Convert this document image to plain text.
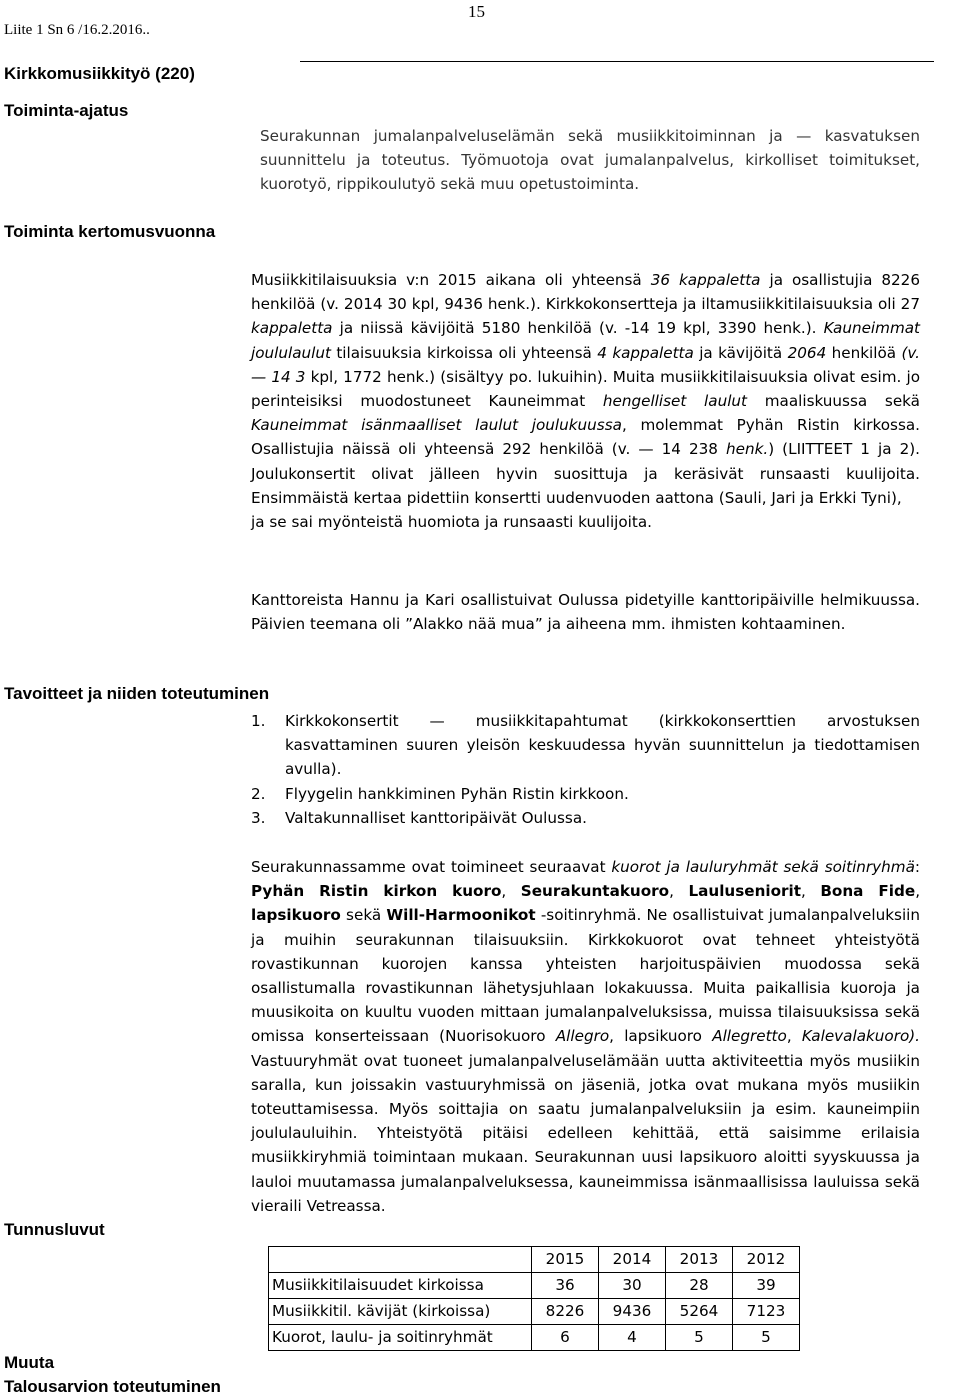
Liite 1 Sn 6 /16.2.2016..
15
Kirkkomusiikkityö (220)
Toiminta-ajatus
Toiminta kertomusvuonna
Tavoitteet ja niiden toteutuminen
Tunnusluvut
Muuta
Talousarvion toteutuminen

Seurakunnan jumalanpalveluselämän sekä musiikkitoiminnan ja — kasvatuksen

suunnittelu ja toteutus. Työmuotoja ovat jumalanpalvelus, kirkolliset toimitukset,

kuorotyö, rippikoulutyö sekä muu opetustoiminta.

Musiikkitilaisuuksia v:n 2015 aikana oli yhteensä 36 kappaletta ja osallistujia 8226 henkilöä (v. 2014 30 kpl, 9436 henk.). Kirkkokonsertteja ja iltamusiikkitilaisuuksia oli 27 kappaletta ja niissä kävijöitä 5180 henkilöä (v. -14 19 kpl, 3390 henk.). Kauneimmat joululaulut tilaisuuksia kirkoissa oli yhteensä 4 kappaletta ja kävijöitä 2064 henkilöä (v. — 14 3 kpl, 1772 henk.) (sisältyy po. lukuihin). Muita musiikkitilaisuuksia olivat esim. jo perinteisiksi muodostuneet Kauneimmat hengelliset laulut maaliskuussa sekä Kauneimmat isänmaalliset laulut joulukuussa, molemmat Pyhän Ristin kirkossa. Osallistujia näissä oli yhteensä 292 henkilöä (v. — 14 238 henk.) (LIITTEET 1 ja 2). Joulukonsertit olivat jälleen hyvin suosittuja ja keräsivät runsaasti kuulijoita. Ensimmäistä kertaa pidettiin konsertti uudenvuoden aattona (Sauli, Jari ja Erkki Tyni),

ja se sai myönteistä huomiota ja runsaasti kuulijoita.

Kanttoreista Hannu ja Kari osallistuivat Oulussa pidetyille kanttoripäiville helmikuussa. Päivien teemana oli ”Alakko nää mua” ja aiheena mm. ihmisten kohtaaminen.
1.	Kirkkokonsertit — musiikkitapahtumat (kirkkokonserttien arvostuksen kasvattaminen suuren yleisön keskuudessa hyvän suunnittelun ja tiedottamisen avulla).
2.	Flyygelin hankkiminen Pyhän Ristin kirkkoon.
3.	Valtakunnalliset kanttoripäivät Oulussa.

Seurakunnassamme ovat toimineet seuraavat kuorot ja lauluryhmät sekä soitinryhmä: Pyhän Ristin kirkon kuoro, Seurakuntakuoro, Lauluseniorit, Bona Fide, lapsikuoro sekä Will-Harmoonikot -soitinryhmä. Ne osallistuivat jumalanpalveluksiin ja muihin seurakunnan tilaisuuksiin. Kirkkokuorot ovat tehneet yhteistyötä rovastikunnan kuorojen kanssa yhteisten harjoituspäivien muodossa sekä osallistumalla rovastikunnan lähetysjuhlaan lokakuussa. Muita paikallisia kuoroja ja muusikoita on kuultu vuoden mittaan jumalanpalveluksissa, muissa tilaisuuksissa sekä omissa konserteissaan (Nuorisokuoro Allegro, lapsikuoro Allegretto, Kalevalakuoro). Vastuuryhmät ovat tuoneet jumalanpalveluselämään uutta aktiviteettia myös musiikin saralla, kun joissakin vastuuryhmissä on jäseniä, jotka ovat mukana myös musiikin toteuttamisessa. Myös soittajia on saatu jumalanpalveluksiin ja esim. kauneimpiin joululauluihin. Yhteistyötä pitäisi edelleen kehittää, että saisimme erilaisia musiikkiryhmiä toimintaan mukaan. Seurakunnan uusi lapsikuoro aloitti syyskuussa ja lauloi muutamassa jumalanpalveluksessa, kauneimmissa isänmaallisissa lauluissa sekä vieraili Vetreassa.

	2015	2014	2013	2012
Musiikkitilaisuudet kirkoissa	36	30	28	39
Musiikkitil. kävijät (kirkoissa)	8226	9436	5264	7123
Kuorot, laulu- ja soitinryhmät	6	4	5	5
